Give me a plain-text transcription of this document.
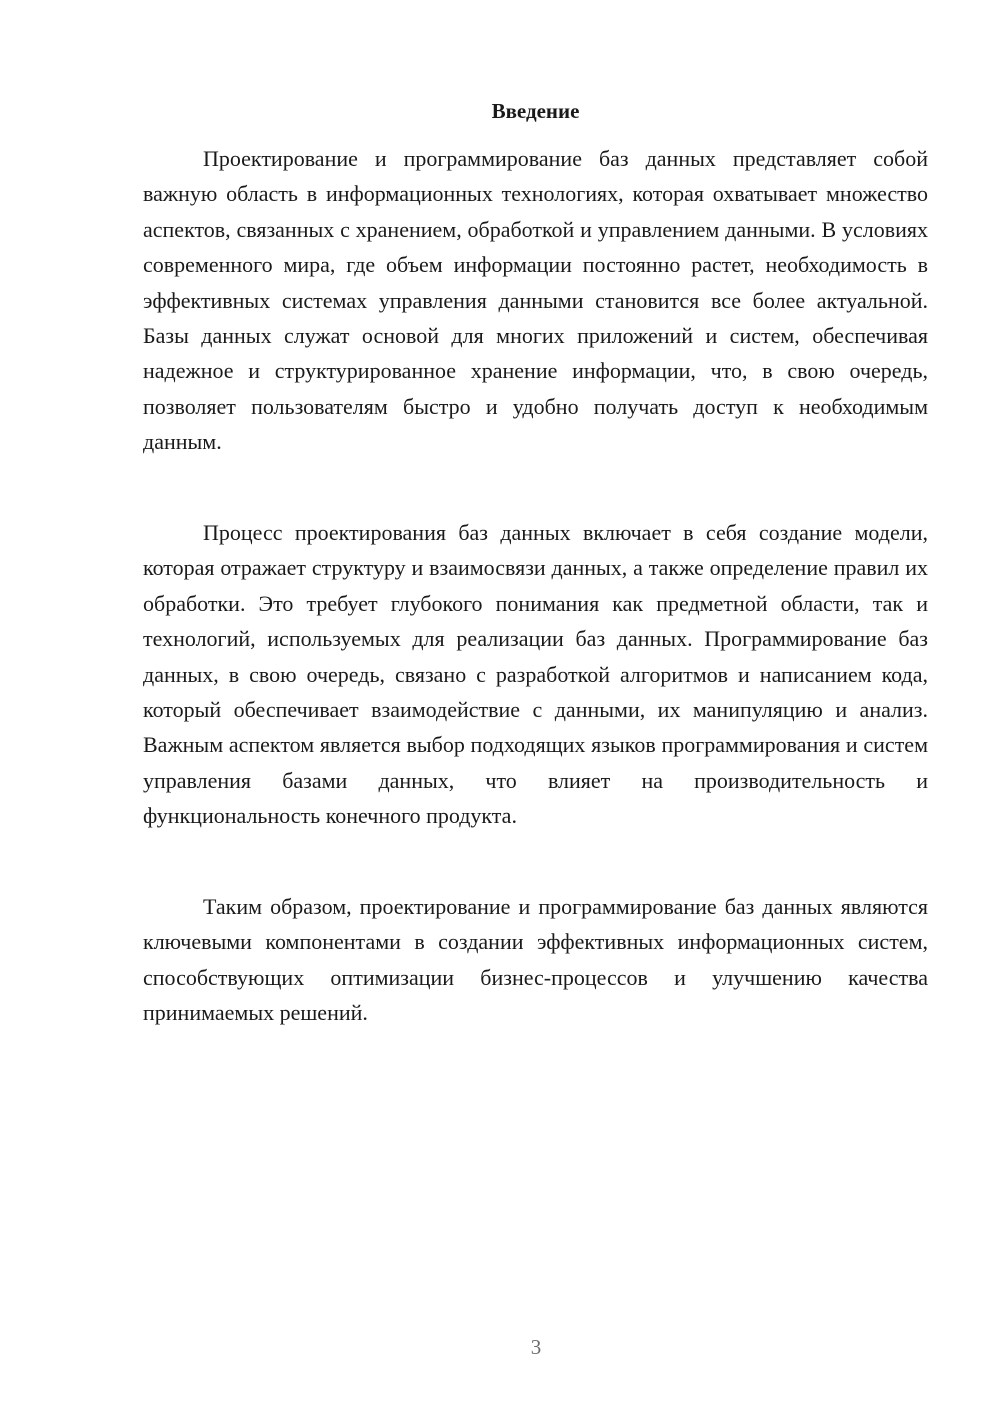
Введение

Проектирование и программирование баз данных представляет собой важную область в информационных технологиях, которая охватывает множество аспектов, связанных с хранением, обработкой и управлением данными. В условиях современного мира, где объем информации постоянно растет, необходимость в эффективных системах управления данными становится все более актуальной. Базы данных служат основой для многих приложений и систем, обеспечивая надежное и структурированное хранение информации, что, в свою очередь, позволяет пользователям быстро и удобно получать доступ к необходимым данным.

Процесс проектирования баз данных включает в себя создание модели, которая отражает структуру и взаимосвязи данных, а также определение правил их обработки. Это требует глубокого понимания как предметной области, так и технологий, используемых для реализации баз данных. Программирование баз данных, в свою очередь, связано с разработкой алгоритмов и написанием кода, который обеспечивает взаимодействие с данными, их манипуляцию и анализ. Важным аспектом является выбор подходящих языков программирования и систем управления базами данных, что влияет на производительность и функциональность конечного продукта.

Таким образом, проектирование и программирование баз данных являются ключевыми компонентами в создании эффективных информационных систем, способствующих оптимизации бизнес-процессов и улучшению качества принимаемых решений.

3
